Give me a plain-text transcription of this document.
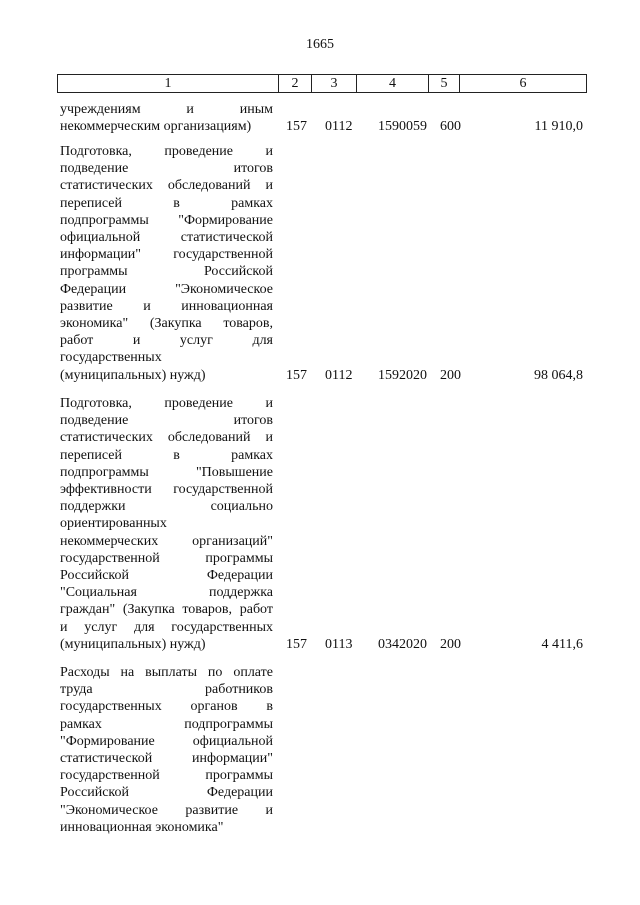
1665
1	2	3	4	5	6
учреждениям и иным
некоммерческим организациям)	157 0112 1590059 600	11 910,0
Подготовка, проведение и
подведение итогов
статистических обследований и
переписей в рамках
подпрограммы "Формирование
официальной статистической
информации" государственной
программы Российской
Федерации "Экономическое
развитие и инновационная
экономика" (Закупка товаров,
работ и услуг для
государственных
(муниципальных) нужд)	157 0112 1592020 200	98 064,8
Подготовка, проведение и
подведение итогов
статистических обследований и
переписей в рамках
подпрограммы "Повышение
эффективности государственной
поддержки социально
ориентированных
некоммерческих организаций"
государственной программы
Российской Федерации
"Социальная поддержка
граждан" (Закупка товаров, работ
и услуг для государственных
(муниципальных) нужд)	157 0113 0342020 200	4 411,6
Расходы на выплаты по оплате
труда работников
государственных органов в
рамках подпрограммы
"Формирование официальной
статистической информации"
государственной программы
Российской Федерации
"Экономическое развитие и
инновационная экономика"
